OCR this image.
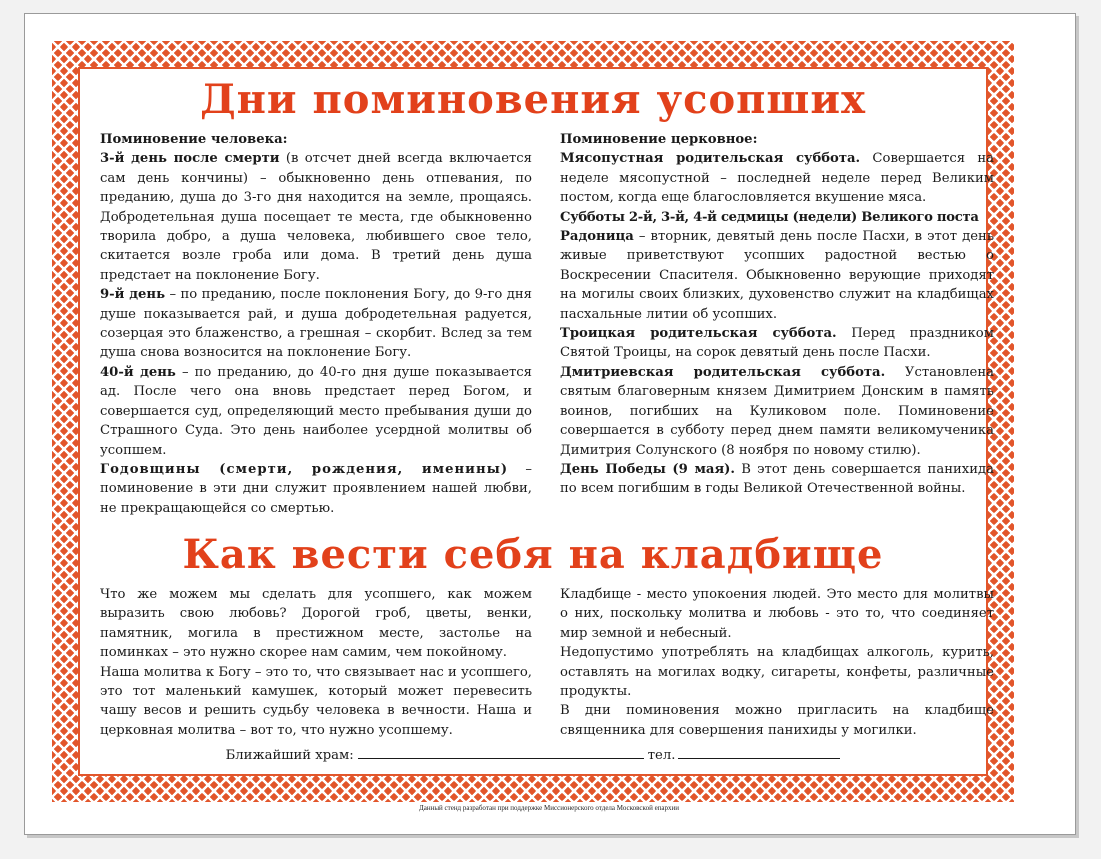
Дни поминовения усопших

Поминовение человека:

3-й день после смерти (в отсчет дней всегда включается сам день кончины) – обыкновенно день отпевания, по преданию, душа до 3-го дня находится на земле, прощаясь. Добродетельная душа посещает те места, где обыкновенно творила добро, а душа человека, любившего свое тело, скитается возле гроба или дома. В третий день душа предстает на поклонение Богу.

9-й день – по преданию, после поклонения Богу, до 9-го дня душе показывается рай, и душа добродетельная радуется, созерцая это блаженство, а грешная – скорбит. Вслед за тем душа снова возносится на поклонение Богу.

40-й день – по преданию, до 40-го дня душе показывается ад. После чего она вновь предстает перед Богом, и совершается суд, определяющий место пребывания души до Страшного Суда. Это день наиболее усердной молитвы об усопшем.

Годовщины (смерти, рождения, именины) – поминовение в эти дни служит проявлением нашей любви, не прекращающейся со смертью.

Поминовение церковное:

Мясопустная родительская суббота. Совершается на неделе мясопустной – последней неделе перед Великим постом, когда еще благословляется вкушение мяса.

Субботы 2-й, 3-й, 4-й седмицы (недели) Великого поста

Радоница – вторник, девятый день после Пасхи, в этот день живые приветствуют усопших радостной вестью о Воскресении Спасителя. Обыкновенно верующие приходят на могилы своих близких, духовенство служит на кладбищах пасхальные литии об усопших.

Троицкая родительская суббота. Перед праздником Святой Троицы, на сорок девятый день после Пасхи.

Дмитриевская родительская суббота. Установлена святым благоверным князем Димитрием Донским в память воинов, погибших на Куликовом поле. Поминовение совершается в субботу перед днем памяти великомученика Димитрия Солунского (8 ноября по новому стилю).

День Победы (9 мая). В этот день совершается панихида по всем погибшим в годы Великой Отечественной войны.

Как вести себя на кладбище

Что же можем мы сделать для усопшего, как можем выразить свою любовь? Дорогой гроб, цветы, венки, памятник, могила в престижном месте, застолье на поминках – это нужно скорее нам самим, чем покойному.

Наша молитва к Богу – это то, что связывает нас и усопшего, это тот маленький камушек, который может перевесить чашу весов и решить судьбу человека в вечности. Наша и церковная молитва – вот то, что нужно усопшему.

Кладбище - место упокоения людей. Это место для молитвы о них, поскольку молитва и любовь - это то, что соединяет мир земной и небесный.

Недопустимо употреблять на кладбищах алкоголь, курить, оставлять на могилах водку, сигареты, конфеты, различные продукты.

В дни поминовения можно пригласить на кладбище священника для совершения панихиды у могилки.

Ближайший храм:	тел.
Данный стенд разработан при поддержке Миссионерского отдела Московской епархии
